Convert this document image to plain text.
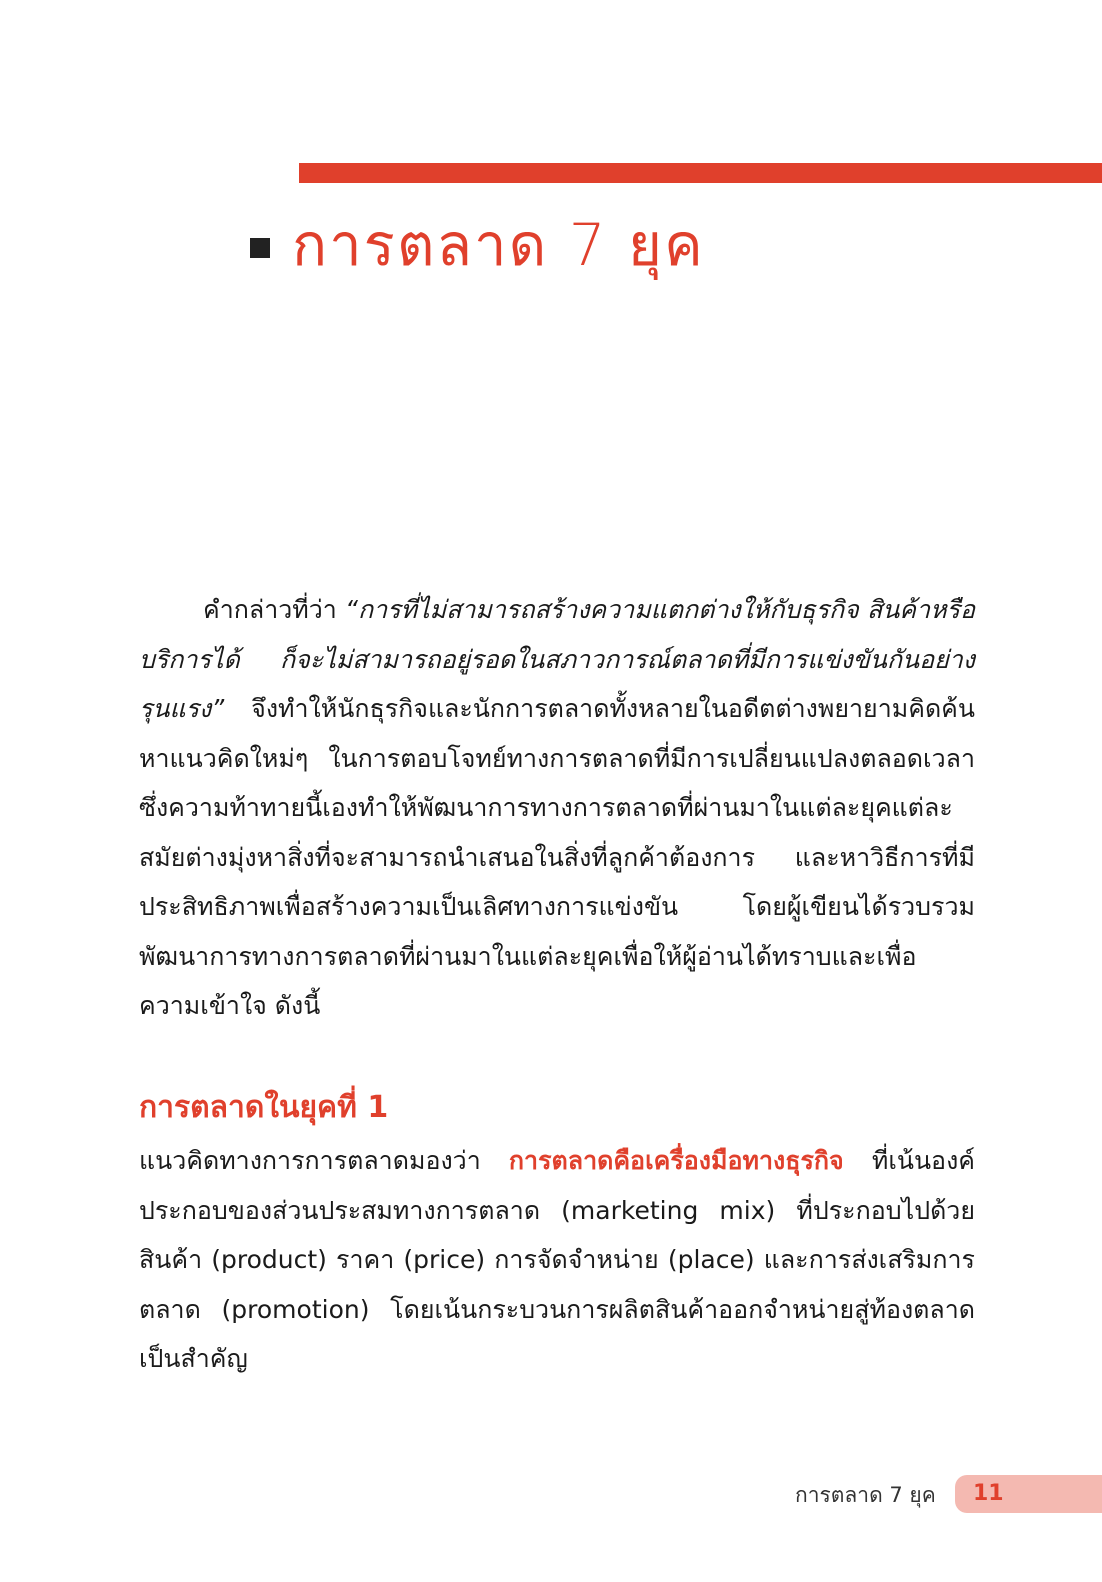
การตลาด 7 ยุค

คำกล่าวที่ว่า “การที่ไม่สามารถสร้างความแตกต่างให้กับธุรกิจ สินค้าหรือบริการได้ ก็จะไม่สามารถอยู่รอดในสภาวการณ์ตลาดที่มีการแข่งขันกันอย่างรุนแรง” จึงทำให้นักธุรกิจและนักการตลาดทั้งหลายในอดีตต่างพยายามคิดค้นหาแนวคิดใหม่ๆ ในการตอบโจทย์ทางการตลาดที่มีการเปลี่ยนแปลงตลอดเวลา ซึ่งความท้าทายนี้เองทำให้พัฒนาการทางการตลาดที่ผ่านมาในแต่ละยุคแต่ละสมัยต่างมุ่งหาสิ่งที่จะสามารถนำเสนอในสิ่งที่ลูกค้าต้องการ และหาวิธีการที่มีประสิทธิภาพเพื่อสร้างความเป็นเลิศทางการแข่งขัน โดยผู้เขียนได้รวบรวมพัฒนาการทางการตลาดที่ผ่านมาในแต่ละยุคเพื่อให้ผู้อ่านได้ทราบและเพื่อความเข้าใจ ดังนี้

การตลาดในยุคที่ 1

แนวคิดทางการการตลาดมองว่า การตลาดคือเครื่องมือทางธุรกิจ ที่เน้นองค์ประกอบของส่วนประสมทางการตลาด (marketing mix) ที่ประกอบไปด้วยสินค้า (product) ราคา (price) การจัดจำหน่าย (place) และการส่งเสริมการตลาด (promotion) โดยเน้นกระบวนการผลิตสินค้าออกจำหน่ายสู่ท้องตลาดเป็นสำคัญ

การตลาด 7 ยุค 11
